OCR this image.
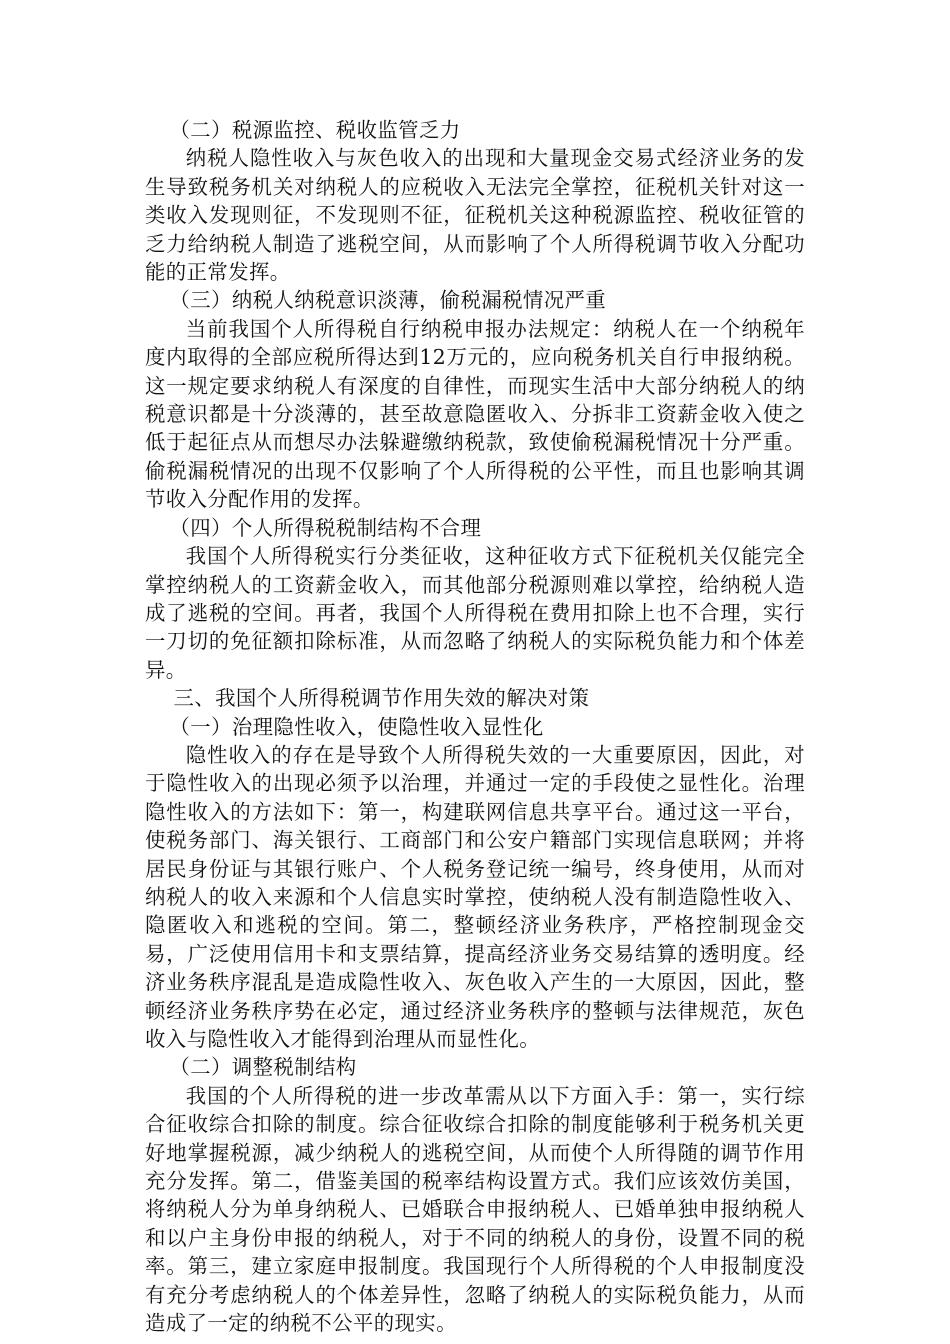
（二）税源监控、税收监管乏力

纳税人隐性收入与灰色收入的出现和大量现金交易式经济业务的发生导致税务机关对纳税人的应税收入无法完全掌控，征税机关针对这一类收入发现则征，不发现则不征，征税机关这种税源监控、税收征管的乏力给纳税人制造了逃税空间，从而影响了个人所得税调节收入分配功能的正常发挥。

（三）纳税人纳税意识淡薄，偷税漏税情况严重

当前我国个人所得税自行纳税申报办法规定：纳税人在一个纳税年度内取得的全部应税所得达到12万元的，应向税务机关自行申报纳税。这一规定要求纳税人有深度的自律性，而现实生活中大部分纳税人的纳税意识都是十分淡薄的，甚至故意隐匿收入、分拆非工资薪金收入使之低于起征点从而想尽办法躲避缴纳税款，致使偷税漏税情况十分严重。偷税漏税情况的出现不仅影响了个人所得税的公平性，而且也影响其调节收入分配作用的发挥。

（四）个人所得税税制结构不合理

我国个人所得税实行分类征收，这种征收方式下征税机关仅能完全掌控纳税人的工资薪金收入，而其他部分税源则难以掌控，给纳税人造成了逃税的空间。再者，我国个人所得税在费用扣除上也不合理，实行一刀切的免征额扣除标准，从而忽略了纳税人的实际税负能力和个体差异。

三、我国个人所得税调节作用失效的解决对策

（一）治理隐性收入，使隐性收入显性化

隐性收入的存在是导致个人所得税失效的一大重要原因，因此，对于隐性收入的出现必须予以治理，并通过一定的手段使之显性化。治理隐性收入的方法如下：第一，构建联网信息共享平台。通过这一平台，使税务部门、海关银行、工商部门和公安户籍部门实现信息联网；并将居民身份证与其银行账户、个人税务登记统一编号，终身使用，从而对纳税人的收入来源和个人信息实时掌控，使纳税人没有制造隐性收入、隐匿收入和逃税的空间。第二，整顿经济业务秩序，严格控制现金交易，广泛使用信用卡和支票结算，提高经济业务交易结算的透明度。经济业务秩序混乱是造成隐性收入、灰色收入产生的一大原因，因此，整顿经济业务秩序势在必定，通过经济业务秩序的整顿与法律规范，灰色收入与隐性收入才能得到治理从而显性化。

（二）调整税制结构

我国的个人所得税的进一步改革需从以下方面入手：第一，实行综合征收综合扣除的制度。综合征收综合扣除的制度能够利于税务机关更好地掌握税源，减少纳税人的逃税空间，从而使个人所得随的调节作用充分发挥。第二，借鉴美国的税率结构设置方式。我们应该效仿美国，将纳税人分为单身纳税人、已婚联合申报纳税人、已婚单独申报纳税人和以户主身份申报的纳税人，对于不同的纳税人的身份，设置不同的税率。第三，建立家庭申报制度。我国现行个人所得税的个人申报制度没有充分考虑纳税人的个体差异性，忽略了纳税人的实际税负能力，从而造成了一定的纳税不公平的现实。
